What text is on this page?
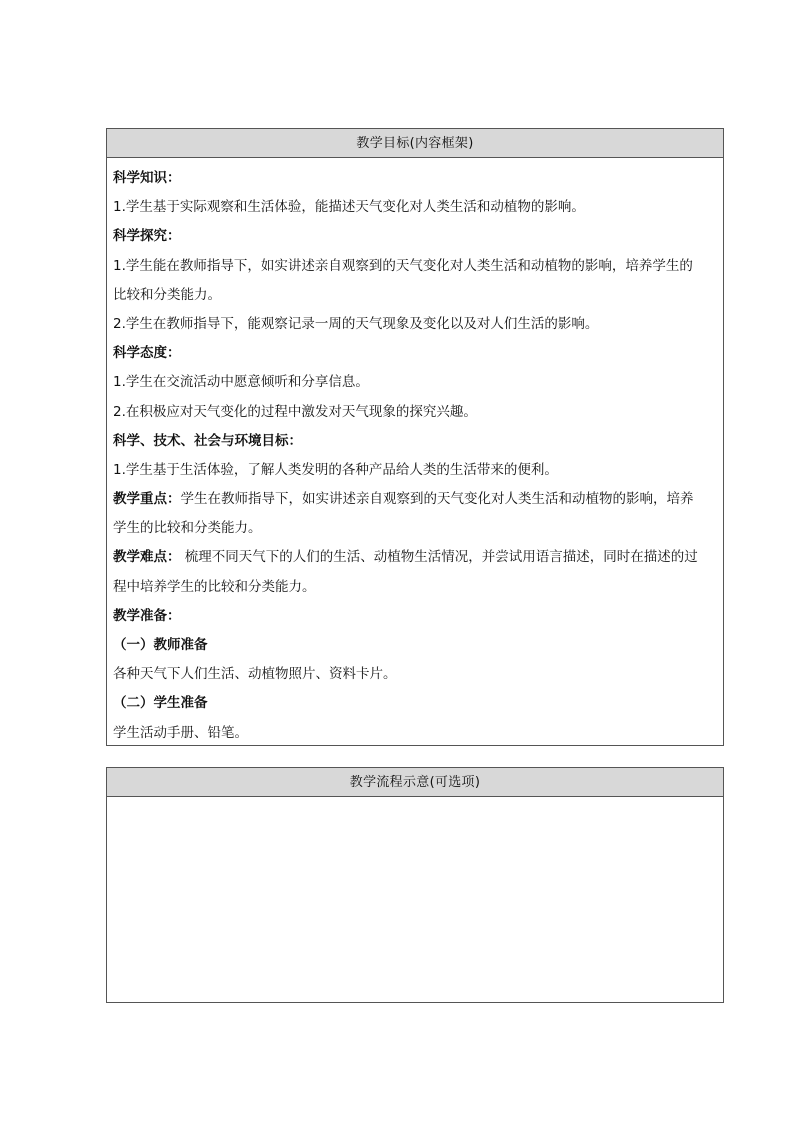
教学目标(内容框架)
科学知识：
1.学生基于实际观察和生活体验，能描述天气变化对人类生活和动植物的影响。
科学探究：
1.学生能在教师指导下，如实讲述亲自观察到的天气变化对人类生活和动植物的影响，培养学生的
比较和分类能力。
2.学生在教师指导下，能观察记录一周的天气现象及变化以及对人们生活的影响。
科学态度：
1.学生在交流活动中愿意倾听和分享信息。
2.在积极应对天气变化的过程中激发对天气现象的探究兴趣。
科学、技术、社会与环境目标：
1.学生基于生活体验，了解人类发明的各种产品给人类的生活带来的便利。
教学重点：学生在教师指导下，如实讲述亲自观察到的天气变化对人类生活和动植物的影响，培养
学生的比较和分类能力。
教学难点： 梳理不同天气下的人们的生活、动植物生活情况，并尝试用语言描述，同时在描述的过
程中培养学生的比较和分类能力。
教学准备：
（一）教师准备
各种天气下人们生活、动植物照片、资料卡片。
（二）学生准备
学生活动手册、铅笔。
教学流程示意(可选项)
